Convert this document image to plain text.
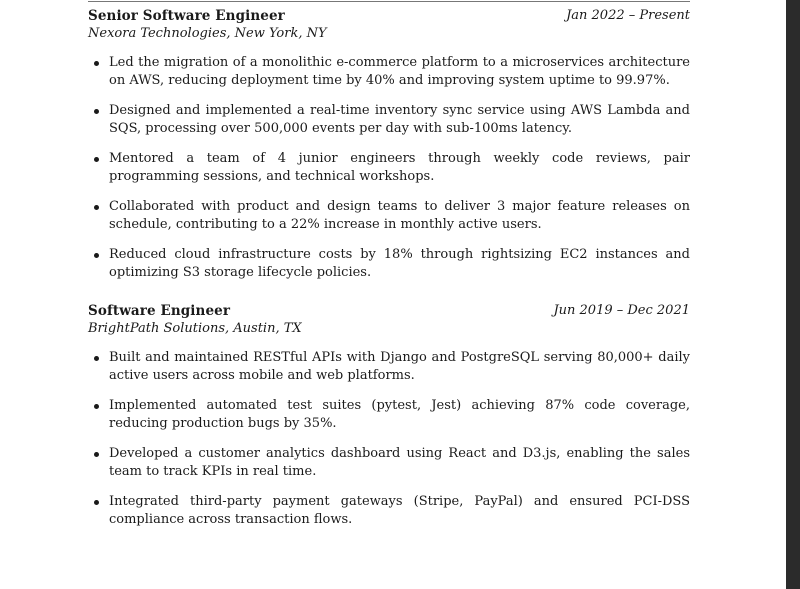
Senior Software Engineer	Jan 2022 – Present
Nexora Technologies, New York, NY
Led the migration of a monolithic e-commerce platform to a microservices architecture on AWS, reducing deployment time by 40% and improving system uptime to 99.97%.
Designed and implemented a real-time inventory sync service using AWS Lambda and SQS, processing over 500,000 events per day with sub-100ms latency.
Mentored a team of 4 junior engineers through weekly code reviews, pair programming sessions, and technical workshops.
Collaborated with product and design teams to deliver 3 major feature releases on schedule, contributing to a 22% increase in monthly active users.
Reduced cloud infrastructure costs by 18% through rightsizing EC2 instances and optimizing S3 storage lifecycle policies.
Software Engineer	Jun 2019 – Dec 2021
BrightPath Solutions, Austin, TX
Built and maintained RESTful APIs with Django and PostgreSQL serving 80,000+ daily active users across mobile and web platforms.
Implemented automated test suites (pytest, Jest) achieving 87% code coverage, reducing production bugs by 35%.
Developed a customer analytics dashboard using React and D3.js, enabling the sales team to track KPIs in real time.
Integrated third-party payment gateways (Stripe, PayPal) and ensured PCI-DSS compliance across transaction flows.
